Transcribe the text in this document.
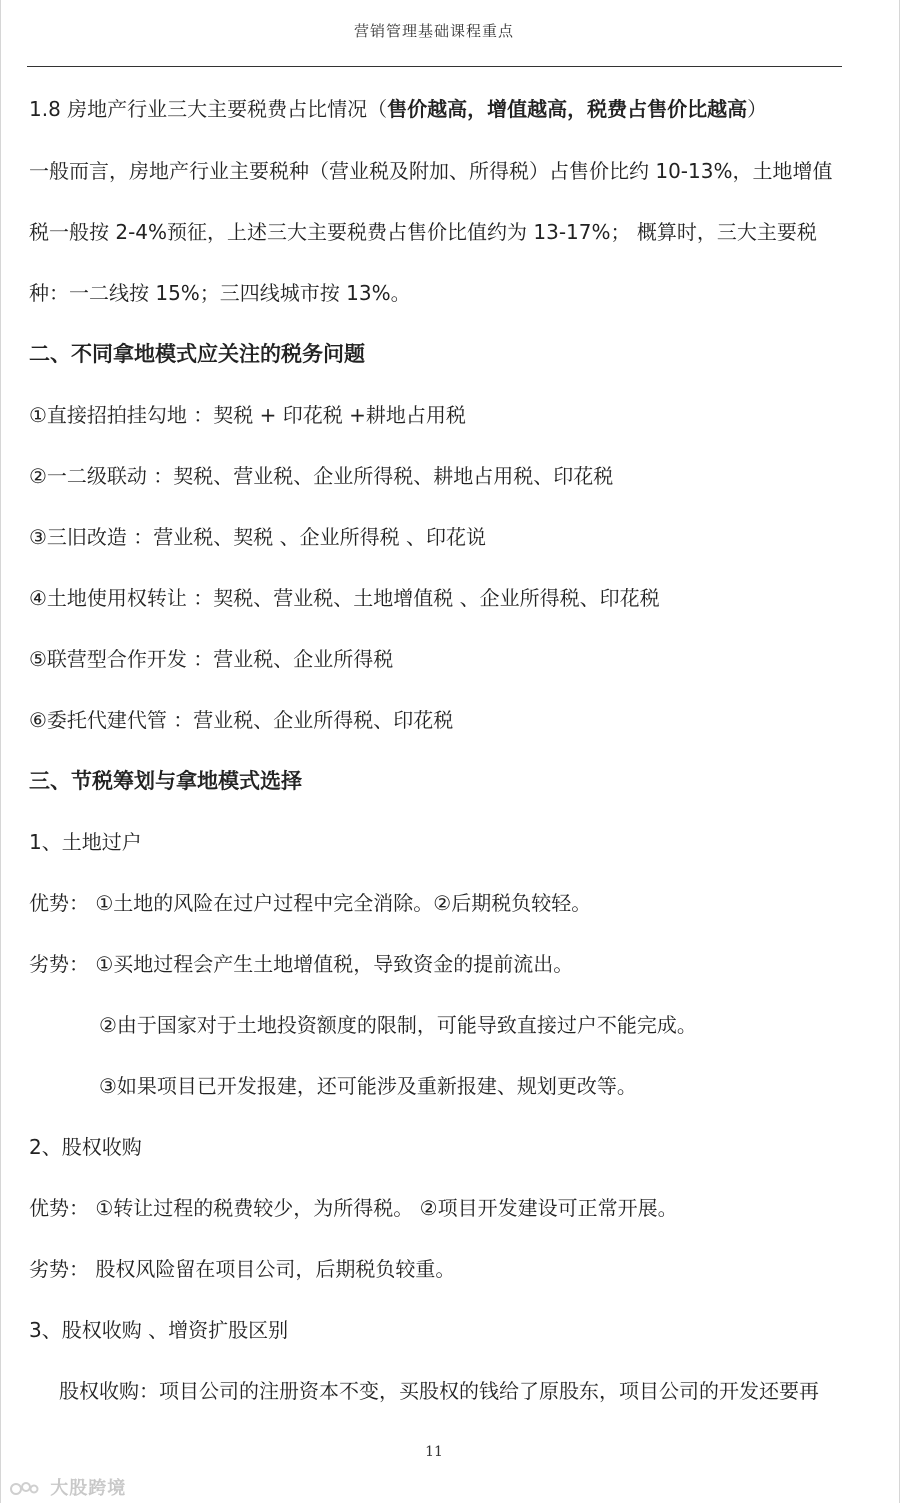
营销管理基础课程重点
1.8 房地产行业三大主要税费占比情况（售价越高，增值越高，税费占售价比越高）
一般而言，房地产行业主要税种（营业税及附加、所得税）占售价比约 10-13%，土地增值
税一般按 2-4%预征，上述三大主要税费占售价比值约为 13-17%； 概算时，三大主要税
种：一二线按 15%；三四线城市按 13%。
二、不同拿地模式应关注的税务问题
①直接招拍挂勾地 ：契税 + 印花税 +耕地占用税
②一二级联动 ：契税、营业税、企业所得税、耕地占用税、印花税
③三旧改造 ：营业税、契税 、企业所得税 、印花说
④土地使用权转让 ：契税、营业税、土地增值税 、企业所得税、印花税
⑤联营型合作开发 ：营业税、企业所得税
⑥委托代建代管 ：营业税、企业所得税、印花税
三、节税筹划与拿地模式选择
1、土地过户
优势： ①土地的风险在过户过程中完全消除。②后期税负较轻。
劣势： ①买地过程会产生土地增值税，导致资金的提前流出。
②由于国家对于土地投资额度的限制，可能导致直接过户不能完成。
③如果项目已开发报建，还可能涉及重新报建、规划更改等。
2、股权收购
优势： ①转让过程的税费较少，为所得税。 ②项目开发建设可正常开展。
劣势： 股权风险留在项目公司，后期税负较重。
3、股权收购 、增资扩股区别
股权收购：项目公司的注册资本不变，买股权的钱给了原股东，项目公司的开发还要再
11
大股跨境
